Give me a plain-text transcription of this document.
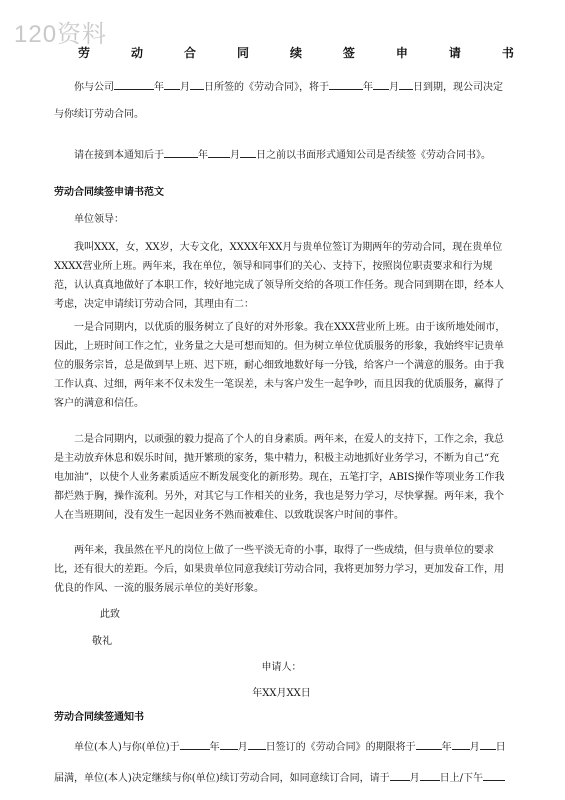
120资料
劳	动	合	同	续	签	申	请	书

你与公司	年 月 日所签的《劳动合同》，将于	年 月 日到期，现公司决定

与你续订劳动合同。

请在接到本通知后于	年 月 日之前以书面形式通知公司是否续签《劳动合同书》。

劳动合同续签申请书范文

单位领导：

我叫XXX，女，XX岁，大专文化，XXXX年XX月与贵单位签订为期两年的劳动合同，现在贵单位XXXX营业所上班。两年来，我在单位，领导和同事们的关心、支持下，按照岗位职责要求和行为规范，认认真真地做好了本职工作，较好地完成了领导所交给的各项工作任务。现合同到期在即，经本人考虑，决定申请续订劳动合同，其理由有二：

一是合同期内，以优质的服务树立了良好的对外形象。我在XXX营业所上班。由于该所地处闹市，因此，上班时间工作之忙，业务量之大是可想而知的。但为树立单位优质服务的形象，我始终牢记贵单位的服务宗旨，总是做到早上班、迟下班，耐心细致地数好每一分钱，给客户一个满意的服务。由于我工作认真、过细，两年来不仅未发生一笔误差，未与客户发生一起争吵，而且因我的优质服务，赢得了客户的满意和信任。

二是合同期内，以顽强的毅力提高了个人的自身素质。两年来，在爱人的支持下，工作之余，我总是主动放弃休息和娱乐时间，抛开繁琐的家务，集中精力，积极主动地抓好业务学习，不断为自己“充电加油”，以使个人业务素质适应不断发展变化的新形势。现在，五笔打字，ABIS操作等项业务工作我都烂熟于胸，操作流利。另外，对其它与工作相关的业务，我也是努力学习，尽快掌握。两年来，我个人在当班期间，没有发生一起因业务不熟而被难住、以致耽误客户时间的事件。

两年来，我虽然在平凡的岗位上做了一些平淡无奇的小事，取得了一些成绩，但与贵单位的要求比，还有很大的差距。今后，如果贵单位同意我续订劳动合同，我将更加努力学习，更加发奋工作，用优良的作风、一流的服务展示单位的美好形象。

此致

敬礼

申请人：

年XX月XX日

劳动合同续签通知书

单位(本人)与你(单位)于	年 月 日签订的《劳动合同》的期限将于	年 月 日

届满，单位(本人)决定继续与你(单位)续订劳动合同，如同意续订合同，请于 月 日上/下午
